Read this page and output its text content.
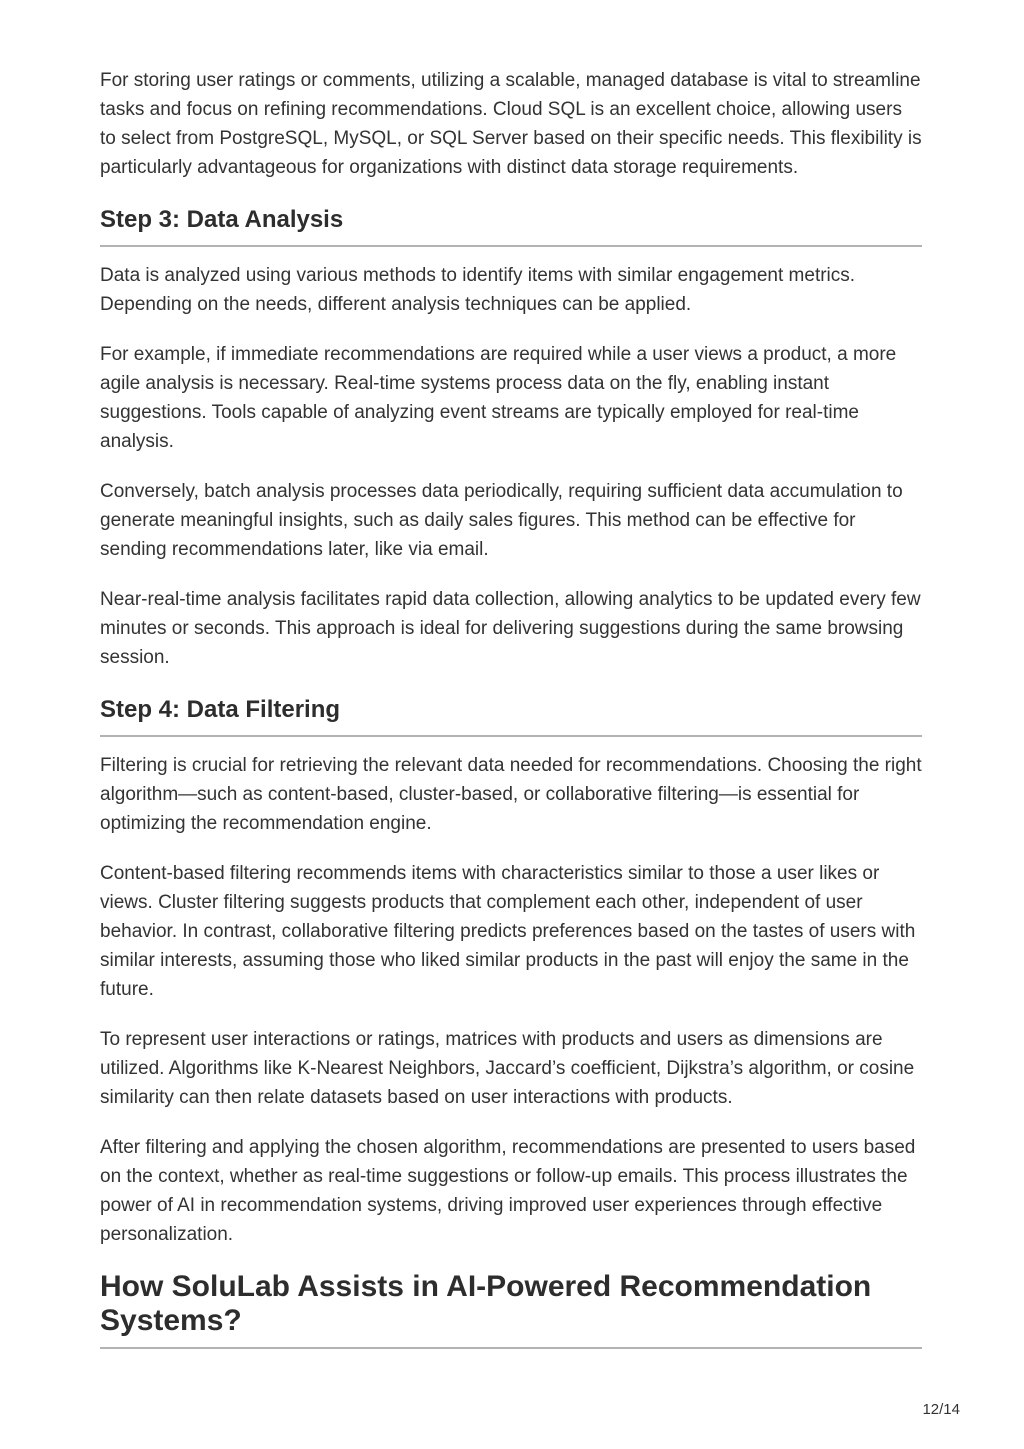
For storing user ratings or comments, utilizing a scalable, managed database is vital to streamline tasks and focus on refining recommendations. Cloud SQL is an excellent choice, allowing users to select from PostgreSQL, MySQL, or SQL Server based on their specific needs. This flexibility is particularly advantageous for organizations with distinct data storage requirements.

Step 3: Data Analysis

Data is analyzed using various methods to identify items with similar engagement metrics. Depending on the needs, different analysis techniques can be applied.

For example, if immediate recommendations are required while a user views a product, a more agile analysis is necessary. Real-time systems process data on the fly, enabling instant suggestions. Tools capable of analyzing event streams are typically employed for real-time analysis.

Conversely, batch analysis processes data periodically, requiring sufficient data accumulation to generate meaningful insights, such as daily sales figures. This method can be effective for sending recommendations later, like via email.

Near-real-time analysis facilitates rapid data collection, allowing analytics to be updated every few minutes or seconds. This approach is ideal for delivering suggestions during the same browsing session.

Step 4: Data Filtering

Filtering is crucial for retrieving the relevant data needed for recommendations. Choosing the right algorithm—such as content-based, cluster-based, or collaborative filtering—is essential for optimizing the recommendation engine.

Content-based filtering recommends items with characteristics similar to those a user likes or views. Cluster filtering suggests products that complement each other, independent of user behavior. In contrast, collaborative filtering predicts preferences based on the tastes of users with similar interests, assuming those who liked similar products in the past will enjoy the same in the future.

To represent user interactions or ratings, matrices with products and users as dimensions are utilized. Algorithms like K-Nearest Neighbors, Jaccard’s coefficient, Dijkstra’s algorithm, or cosine similarity can then relate datasets based on user interactions with products.

After filtering and applying the chosen algorithm, recommendations are presented to users based on the context, whether as real-time suggestions or follow-up emails. This process illustrates the power of AI in recommendation systems, driving improved user experiences through effective personalization.

How SoluLab Assists in AI-Powered Recommendation Systems?
12/14
